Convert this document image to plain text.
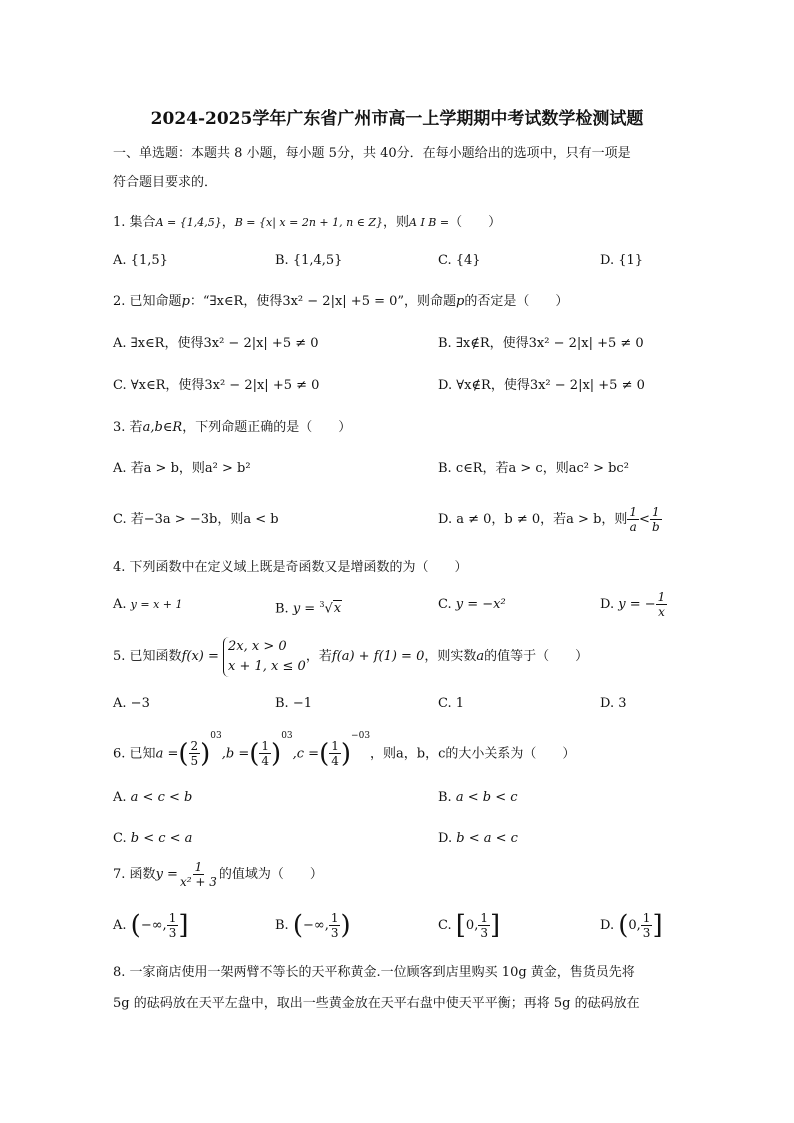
2024-2025学年广东省广州市高一上学期期中考试数学检测试题
一、单选题：本题共 8 小题，每小题 5分，共 40分．在每小题给出的选项中，只有一项是
符合题目要求的．
1. 集合A = {1,4,5}，B = {x| x = 2n + 1, n ∈ Z}，则A I B =（　　）
A. {1,5}	B. {1,4,5}	C. {4}	D. {1}
2. 已知命题p：“∃x∈R，使得3x² − 2|x| +5 = 0”，则命题p的否定是（　　）
A. ∃x∈R，使得3x² − 2|x| +5 ≠ 0	B. ∃x∉R，使得3x² − 2|x| +5 ≠ 0
C. ∀x∈R，使得3x² − 2|x| +5 ≠ 0	D. ∀x∉R，使得3x² − 2|x| +5 ≠ 0
3. 若a,b∈R，下列命题正确的是（　　）
A. 若a > b，则a² > b²	B. c∈R，若a > c，则ac² > bc²
C. 若−3a > −3b，则a < b	D. a ≠ 0，b ≠ 0，若a > b，则 $\frac{1}{a} < \frac{1}{b}$
4. 下列函数中在定义域上既是奇函数又是增函数的为（　　）
A. y = x + 1	B. y = $^3$√x	C. y = −x²	D. y = − $\frac{1}{x}$
5. 已知函数f(x) =
2x, x > 0
x + 1, x ≤ 0
，若f(a) + f(1) = 0，则实数a的值等于（　　）
A. −3	B. −1	C. 1	D. 3
6. 已知a =( $\frac{2}{5} )^{03},b$ =( $\frac{1}{4} )^{03},c$ =( $\frac{1}{4} )^{-03}$，则a，b，c的大小关系为（　　）
A. a < c < b	B. a < b < c
C. b < c < a	D. b < a < c
7. 函数$y = \frac{1}{\text{x² + 3}}$ 的值域为（　　）
A. (−∞, $\frac{1}{3}$ ]	B. (−∞, $\frac{1}{3}$ )	C. [0, $\frac{1}{3}$ ]	D. (0, $\frac{1}{3}$ ]
8. 一家商店使用一架两臂不等长的天平称黄金.一位顾客到店里购买 10g 黄金，售货员先将
5g 的砝码放在天平左盘中，取出一些黄金放在天平右盘中使天平平衡；再将 5g 的砝码放在
